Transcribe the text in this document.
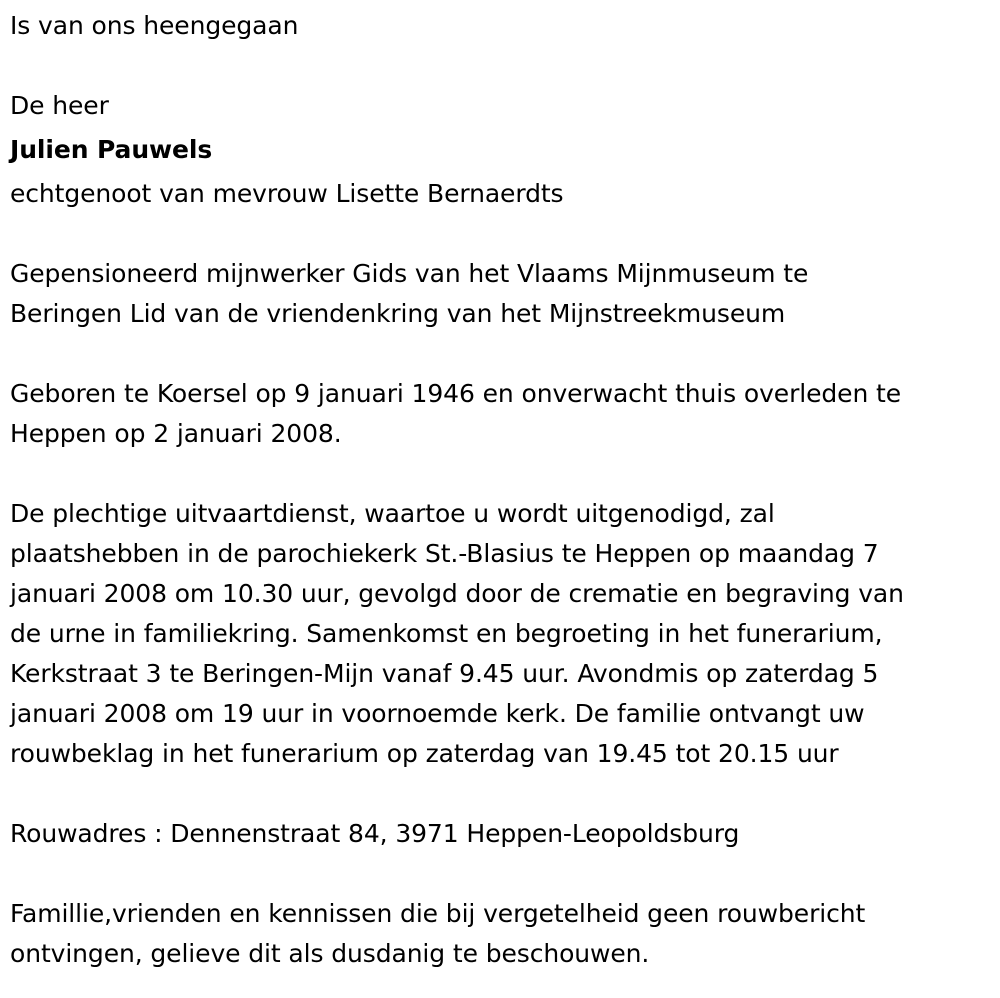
Is van ons heengegaan
De heer
Julien Pauwels
echtgenoot van mevrouw Lisette Bernaerdts
Gepensioneerd mijnwerker Gids van het Vlaams Mijnmuseum te
Beringen Lid van de vriendenkring van het Mijnstreekmuseum
Geboren te Koersel op 9 januari 1946 en onverwacht thuis overleden te
Heppen op 2 januari 2008.
De plechtige uitvaartdienst, waartoe u wordt uitgenodigd, zal
plaatshebben in de parochiekerk St.-Blasius te Heppen op maandag 7
januari 2008 om 10.30 uur, gevolgd door de crematie en begraving van
de urne in familiekring. Samenkomst en begroeting in het funerarium,
Kerkstraat 3 te Beringen-Mijn vanaf 9.45 uur. Avondmis op zaterdag 5
januari 2008 om 19 uur in voornoemde kerk. De familie ontvangt uw
rouwbeklag in het funerarium op zaterdag van 19.45 tot 20.15 uur
Rouwadres : Dennenstraat 84, 3971 Heppen-Leopoldsburg
Famillie,vrienden en kennissen die bij vergetelheid geen rouwbericht
ontvingen, gelieve dit als dusdanig te beschouwen.
